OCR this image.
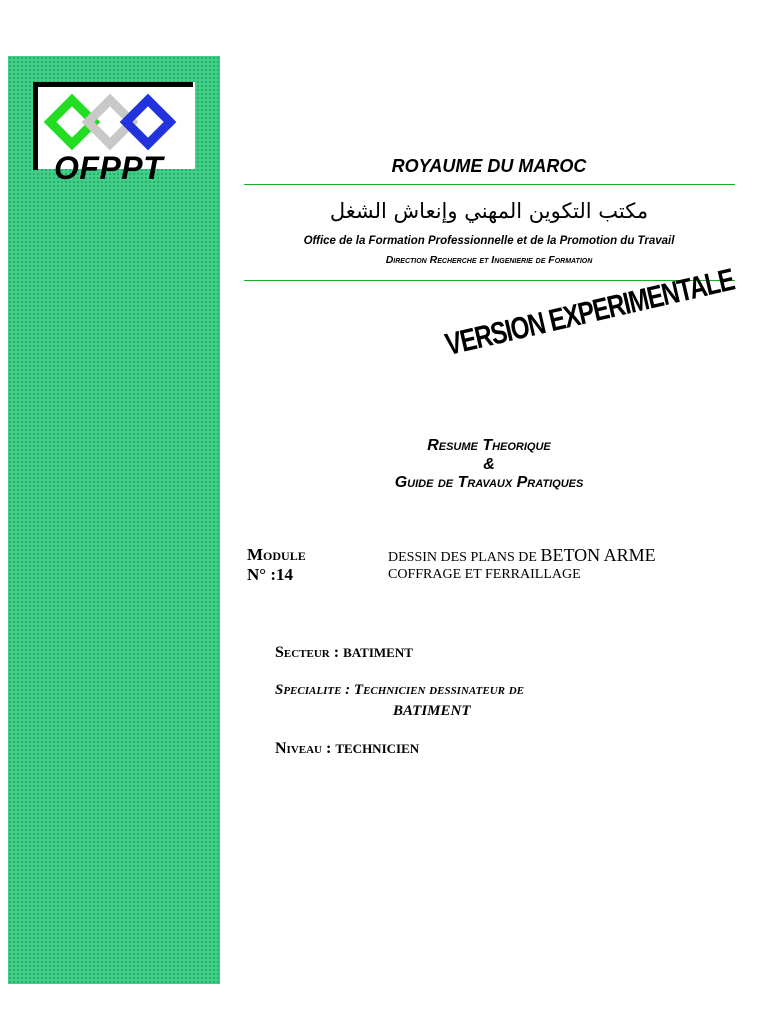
OFPPT	ROYAUME DU MAROC

مكتب التكوين المهني وإنعاش الشغل

Office de la Formation Professionnelle et de la Promotion du Travail

Direction Recherche et Ingenierie de Formation

VERSION EXPERIMENTALE

Resume Theorique

&

Guide de Travaux Pratiques

Module

N° :14

DESSIN DES PLANS DE BETON ARME

COFFRAGE ET FERRAILLAGE

Secteur : BATIMENT

Specialite : Technicien dessinateur de

BATIMENT

Niveau : TECHNICIEN
